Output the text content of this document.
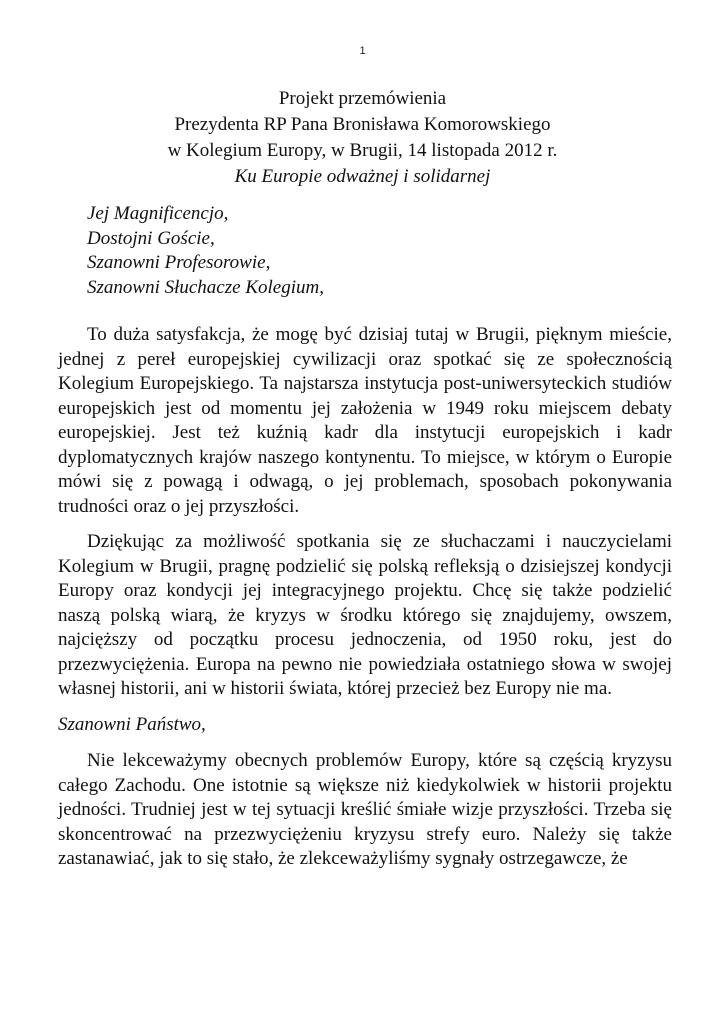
1
Projekt przemówienia
Prezydenta RP Pana Bronisława Komorowskiego
w Kolegium Europy, w Brugii, 14 listopada 2012 r.
Ku Europie odważnej i solidarnej
Jej Magnificencjo,
Dostojni Goście,
Szanowni Profesorowie,
Szanowni Słuchacze Kolegium,

To duża satysfakcja, że mogę być dzisiaj tutaj w Brugii, pięknym mieście, jednej z pereł europejskiej cywilizacji oraz spotkać się ze społecznością Kolegium Europejskiego. Ta najstarsza instytucja post-uniwersyteckich studiów europejskich jest od momentu jej założenia w 1949 roku miejscem debaty europejskiej. Jest też kuźnią kadr dla instytucji europejskich i kadr dyplomatycznych krajów naszego kontynentu. To miejsce, w którym o Europie mówi się z powagą i odwagą, o jej problemach, sposobach pokonywania trudności oraz o jej przyszłości.

Dziękując za możliwość spotkania się ze słuchaczami i nauczycielami Kolegium w Brugii, pragnę podzielić się polską refleksją o dzisiejszej kondycji Europy oraz kondycji jej integracyjnego projektu. Chcę się także podzielić naszą polską wiarą, że kryzys w środku którego się znajdujemy, owszem, najcięższy od początku procesu jednoczenia, od 1950 roku, jest do przezwyciężenia. Europa na pewno nie powiedziała ostatniego słowa w swojej własnej historii, ani w historii świata, której przecież bez Europy nie ma.

Szanowni Państwo,

Nie lekceważymy obecnych problemów Europy, które są częścią kryzysu całego Zachodu. One istotnie są większe niż kiedykolwiek w historii projektu jedności. Trudniej jest w tej sytuacji kreślić śmiałe wizje przyszłości. Trzeba się skoncentrować na przezwyciężeniu kryzysu strefy euro. Należy się także zastanawiać, jak to się stało, że zlekceważyliśmy sygnały ostrzegawcze, że
